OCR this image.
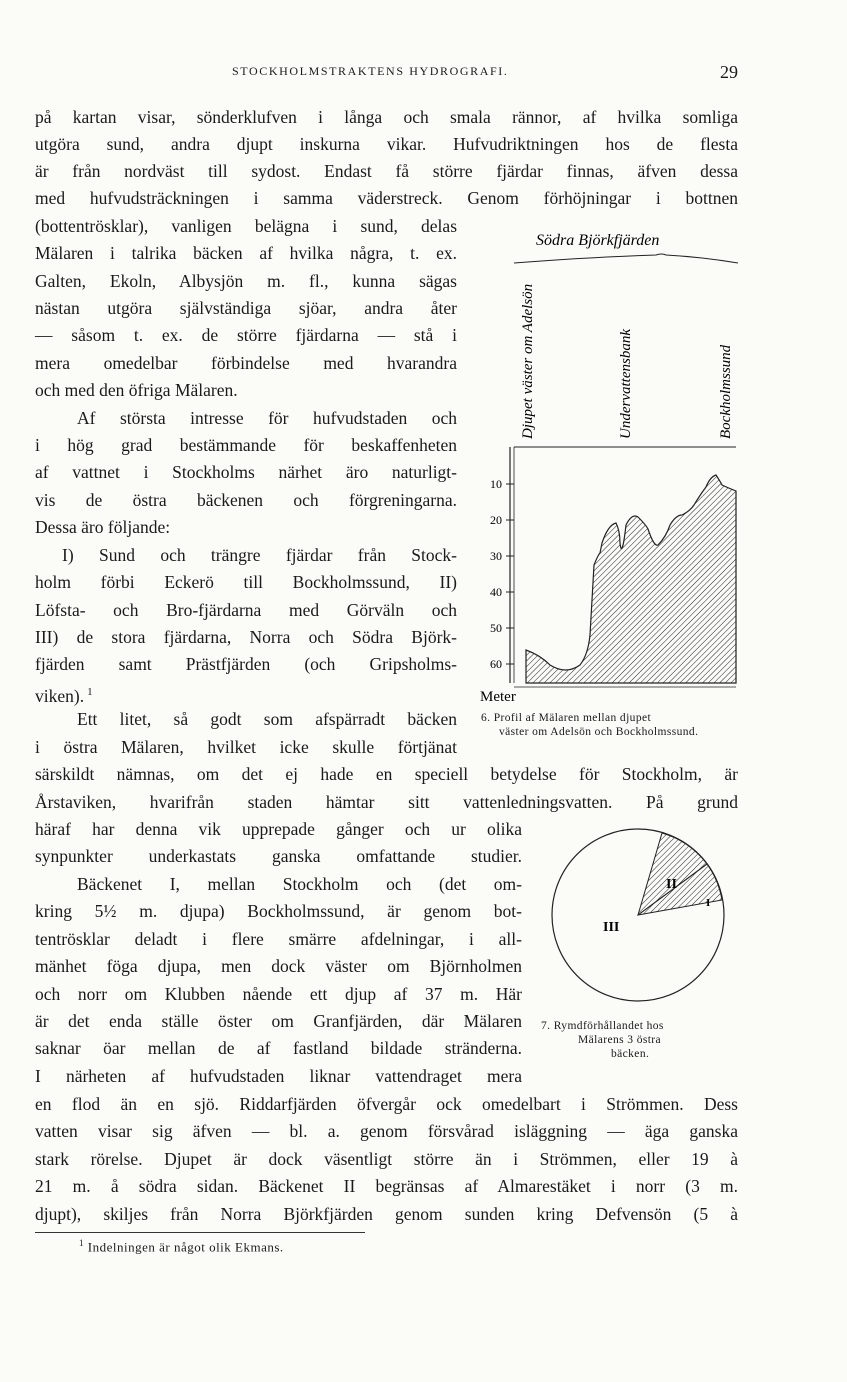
STOCKHOLMSTRAKTENS HYDROGRAFI.	29
på kartan visar, sönderklufven i långa och smala rännor, af hvilka somliga
utgöra sund, andra djupt inskurna vikar. Hufvudriktningen hos de flesta
är från nordväst till sydost. Endast få större fjärdar finnas, äfven dessa
med hufvudsträckningen i samma väderstreck. Genom förhöjningar i bottnen
(bottentrösklar), vanligen belägna i sund, delas
Mälaren i talrika bäcken af hvilka några, t. ex.
Galten, Ekoln, Albysjön m. fl., kunna sägas
nästan utgöra självständiga sjöar, andra åter
— såsom t. ex. de större fjärdarna — stå i
mera omedelbar förbindelse med hvarandra
och med den öfriga Mälaren.
Af största intresse för hufvudstaden och
i hög grad bestämmande för beskaffenheten
af vattnet i Stockholms närhet äro naturligt-
vis de östra bäckenen och förgreningarna.
Dessa äro följande:
I) Sund och trängre fjärdar från Stock-
holm förbi Eckerö till Bockholmssund, II)
Löfsta- och Bro-fjärdarna med Görväln och
III) de stora fjärdarna, Norra och Södra Björk-
fjärden samt Prästfjärden (och Gripsholms-
viken). $^1$
Ett litet, så godt som afspärradt bäcken
i östra Mälaren, hvilket icke skulle förtjänat
särskildt nämnas, om det ej hade en speciell betydelse för Stockholm, är
Årstaviken, hvarifrån staden hämtar sitt vattenledningsvatten. På grund
häraf har denna vik upprepade gånger och ur olika
synpunkter underkastats ganska omfattande studier.
Bäckenet I, mellan Stockholm och (det om-
kring 5½ m. djupa) Bockholmssund, är genom bot-
tentrösklar deladt i flere smärre afdelningar, i all-
mänhet föga djupa, men dock väster om Björnholmen
och norr om Klubben nående ett djup af 37 m. Här
är det enda ställe öster om Granfjärden, där Mälaren
saknar öar mellan de af fastland bildade stränderna.
I närheten af hufvudstaden liknar vattendraget mera
en flod än en sjö. Riddarfjärden öfvergår ock omedelbart i Strömmen. Dess
vatten visar sig äfven — bl. a. genom försvårad isläggning — äga ganska
stark rörelse. Djupet är dock väsentligt större än i Strömmen, eller 19 à
21 m. å södra sidan. Bäckenet II begränsas af Almarestäket i norr (3 m.
djupt), skiljes från Norra Björkfjärden genom sunden kring Defvensön (5 à
Södra Björkfjärden
Djupet väster om Adelsön	Undervattensbank	Bockholmssund
10
20
30
40
50
60
Meter
6. Profil af Mälaren mellan djupet
väster om Adelsön och Bockholmssund.
II
I
III
7. Rymdförhållandet hos
Mälarens 3 östra
bäcken.
$^1$ Indelningen är något olik Ekmans.
